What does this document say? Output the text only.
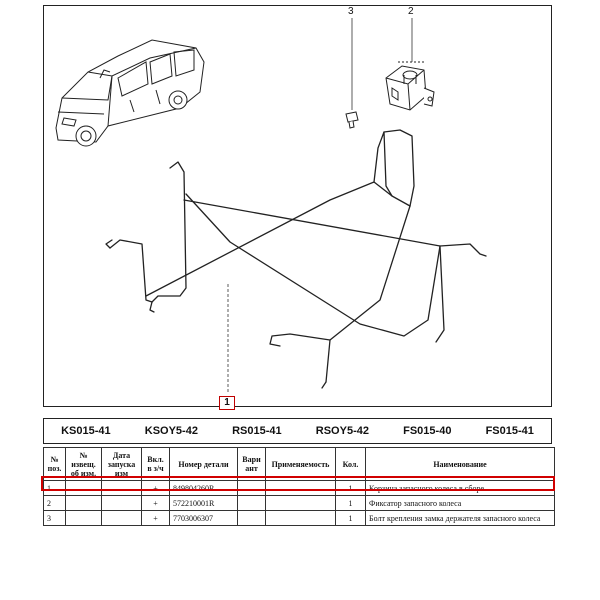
3	2
1
KS015-41	KSOY5-42	RS015-41	RSOY5-42	FS015-40	FS015-41
№ поз.	№ извещ. об изм.	Дата запуска изм	Вкл. в з/ч	Номер детали	Вари ант	Применяемость	Кол.	Наименование
1			+	849804260R			1	Корзина запасного колеса в сборе
2			+	572210001R			1	Фиксатор запасного колеса
3			+	7703006307			1	Болт крепления замка держателя запасного колеса
